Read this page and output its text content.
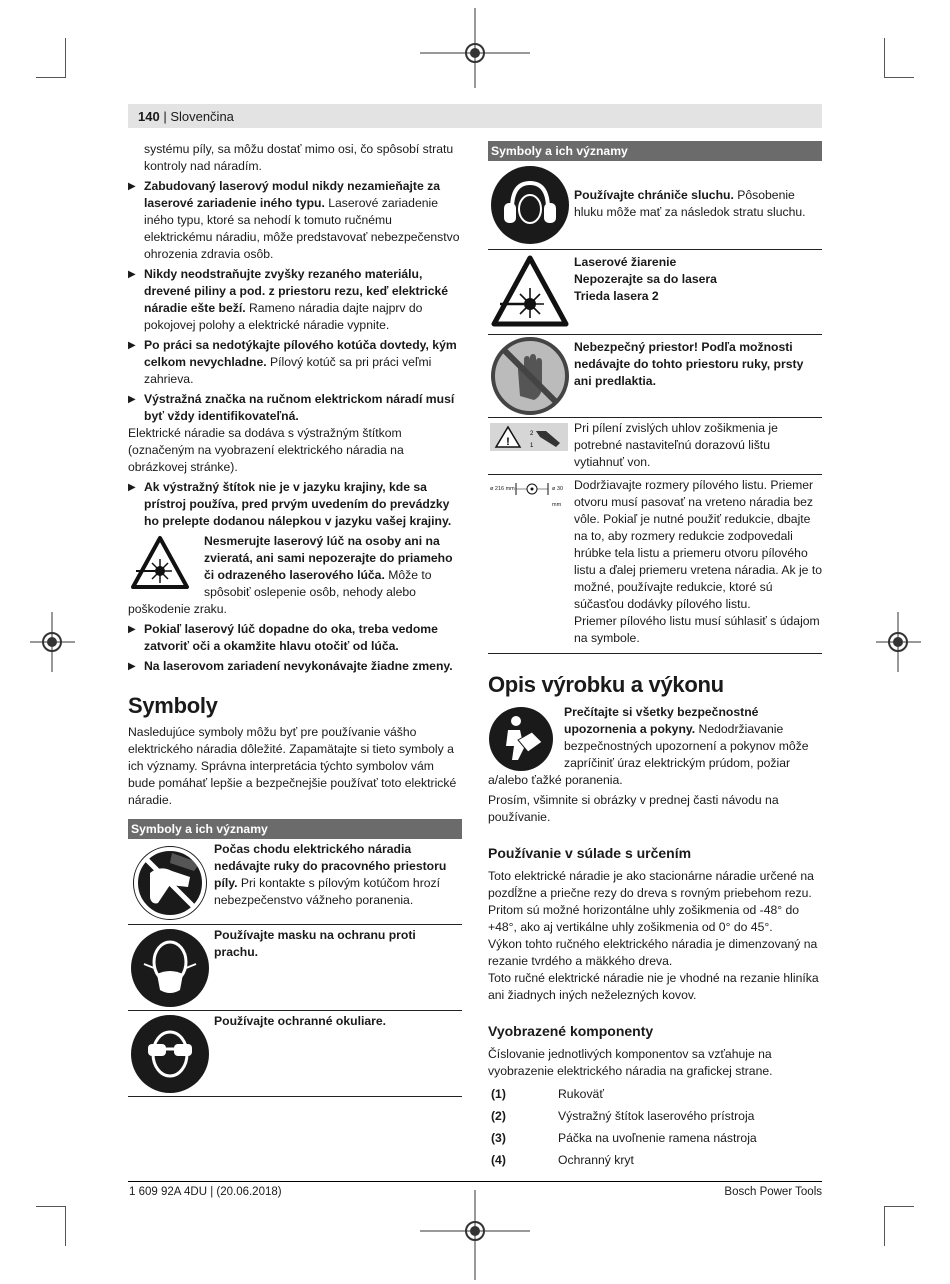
140 | Slovenčina

systému píly, sa môžu dostať mimo osi, čo spôsobí stratu kontroly nad náradím.

▶ Zabudovaný laserový modul nikdy nezamieňajte za laserové zariadenie iného typu. Laserové zariadenie iného typu, ktoré sa nehodí k tomuto ručnému elektrickému náradiu, môže predstavovať nebezpečenstvo ohrozenia zdravia osôb.
▶ Nikdy neodstraňujte zvyšky rezaného materiálu, drevené piliny a pod. z priestoru rezu, keď elektrické náradie ešte beží. Rameno náradia dajte najprv do pokojovej polohy a elektrické náradie vypnite.
▶ Po práci sa nedotýkajte pílového kotúča dovtedy, kým celkom nevychladne. Pílový kotúč sa pri práci veľmi zahrieva.
▶ Výstražná značka na ručnom elektrickom náradí musí byť vždy identifikovateľná.

Elektrické náradie sa dodáva s výstražným štítkom (označeným na vyobrazení elektrického náradia na obrázkovej stránke).

▶ Ak výstražný štítok nie je v jazyku krajiny, kde sa prístroj používa, pred prvým uvedením do prevádzky ho prelepte dodanou nálepkou v jazyku vašej krajiny.
Nesmerujte laserový lúč na osoby ani na zvieratá, ani sami nepozerajte do priameho či odrazeného laserového lúča. Môže to spôsobiť oslepenie osôb, nehody alebo poškodenie zraku.
▶ Pokiaľ laserový lúč dopadne do oka, treba vedome zatvoriť oči a okamžite hlavu otočiť od lúča.
▶ Na laserovom zariadení nevykonávajte žiadne zmeny.
Symboly

Nasledujúce symboly môžu byť pre používanie vášho elektrického náradia dôležité. Zapamätajte si tieto symboly a ich významy. Správna interpretácia týchto symbolov vám bude pomáhať lepšie a bezpečnejšie používať toto elektrické náradie.

Symboly a ich významy
Počas chodu elektrického náradia nedávajte ruky do pracovného priestoru píly. Pri kontakte s pílovým kotúčom hrozí nebezpečenstvo vážneho poranenia.
Používajte masku na ochranu proti prachu.
Používajte ochranné okuliare.
Symboly a ich významy
Používajte chrániče sluchu. Pôsobenie hluku môže mať za následok stratu sluchu.
Laserové žiarenie Nepozerajte sa do lasera Trieda lasera 2
Nebezpečný priestor! Podľa možnosti nedávajte do tohto priestoru ruky, prsty ani predlaktia.
!
2
1
Pri pílení zvislých uhlov zošikmenia je potrebné nastaviteľnú dorazovú lištu vytiahnuť von.
ø 216 mm	ø 30 mm
Dodržiavajte rozmery pílového listu. Priemer otvoru musí pasovať na vreteno náradia bez vôle. Pokiaľ je nutné použiť redukcie, dbajte na to, aby rozmery redukcie zodpovedali hrúbke tela listu a priemeru otvoru pílového listu a ďalej priemeru vretena náradia. Ak je to možné, používajte redukcie, ktoré sú súčasťou dodávky pílového listu.
Priemer pílového listu musí súhlasiť s údajom na symbole.
Opis výrobku a výkonu
Prečítajte si všetky bezpečnostné upozornenia a pokyny. Nedodržiavanie bezpečnostných upozornení a pokynov môže zapríčiniť úraz elektrickým prúdom, požiar a/alebo ťažké poranenia.

Prosím, všimnite si obrázky v prednej časti návodu na používanie.

Používanie v súlade s určením

Toto elektrické náradie je ako stacionárne náradie určené na pozdĺžne a priečne rezy do dreva s rovným priebehom rezu. Pritom sú možné horizontálne uhly zošikmenia od -48° do +48°, ako aj vertikálne uhly zošikmenia od 0° do 45°.

Výkon tohto ručného elektrického náradia je dimenzovaný na rezanie tvrdého a mäkkého dreva.

Toto ručné elektrické náradie nie je vhodné na rezanie hliníka ani žiadnych iných neželezných kovov.

Vyobrazené komponenty

Číslovanie jednotlivých komponentov sa vzťahuje na vyobrazenie elektrického náradia na grafickej strane.

(1)	Rukoväť
(2)	Výstražný štítok laserového prístroja
(3)	Páčka na uvoľnenie ramena nástroja
(4)	Ochranný kryt
1 609 92A 4DU | (20.06.2018)	Bosch Power Tools
